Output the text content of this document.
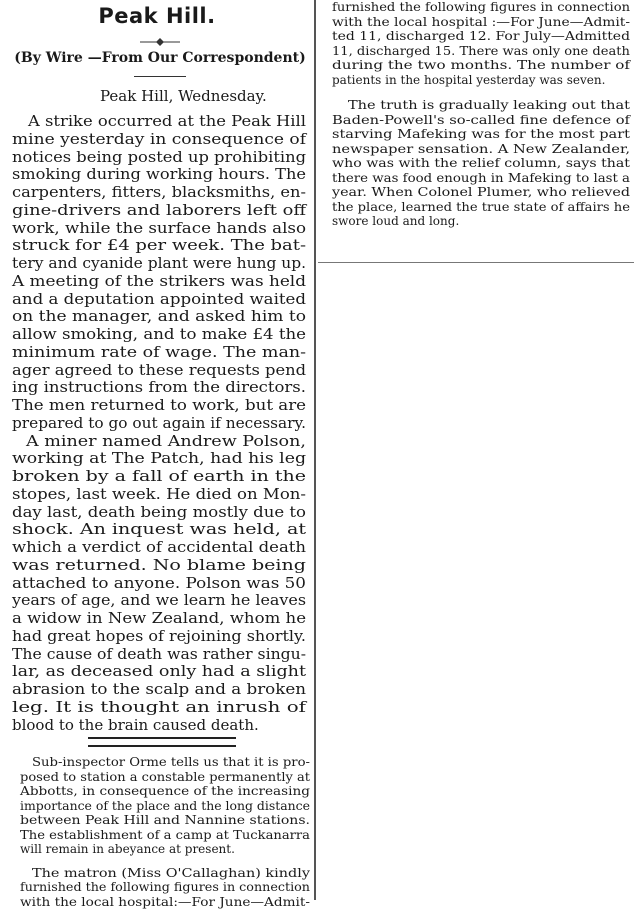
Peak Hill.
(By Wire —From Our Correspondent)
Peak Hill, Wednesday.
A strike occurred at the Peak Hill
mine yesterday in consequence of
notices being posted up prohibiting
smoking during working hours. The
carpenters, fitters, blacksmiths, en-
gine-drivers and laborers left off
work, while the surface hands also
struck for £4 per week. The bat-
tery and cyanide plant were hung up.
A meeting of the strikers was held
and a deputation appointed waited
on the manager, and asked him to
allow smoking, and to make £4 the
minimum rate of wage. The man-
ager agreed to these requests pend
ing instructions from the directors.
The men returned to work, but are
prepared to go out again if necessary.
A miner named Andrew Polson,
working at The Patch, had his leg
broken by a fall of earth in the
stopes, last week. He died on Mon-
day last, death being mostly due to
shock. An inquest was held, at
which a verdict of accidental death
was returned. No blame being
attached to anyone. Polson was 50
years of age, and we learn he leaves
a widow in New Zealand, whom he
had great hopes of rejoining shortly.
The cause of death was rather singu-
lar, as deceased only had a slight
abrasion to the scalp and a broken
leg. It is thought an inrush of
blood to the brain caused death.
Sub-inspector Orme tells us that it is pro-
posed to station a constable permanently at
Abbotts, in consequence of the increasing
importance of the place and the long distance
between Peak Hill and Nannine stations.
The establishment of a camp at Tuckanarra
will remain in abeyance at present.
The matron (Miss O'Callaghan) kindly
furnished the following figures in connection
with the local hospital:—For June—Admit-
furnished the following figures in connection
with the local hospital :—For June—Admit-
ted 11, discharged 12. For July—Admitted
11, discharged 15. There was only one death
during the two months. The number of
patients in the hospital yesterday was seven.
The truth is gradually leaking out that
Baden-Powell's so-called fine defence of
starving Mafeking was for the most part
newspaper sensation. A New Zealander,
who was with the relief column, says that
there was food enough in Mafeking to last a
year. When Colonel Plumer, who relieved
the place, learned the true state of affairs he
swore loud and long.
